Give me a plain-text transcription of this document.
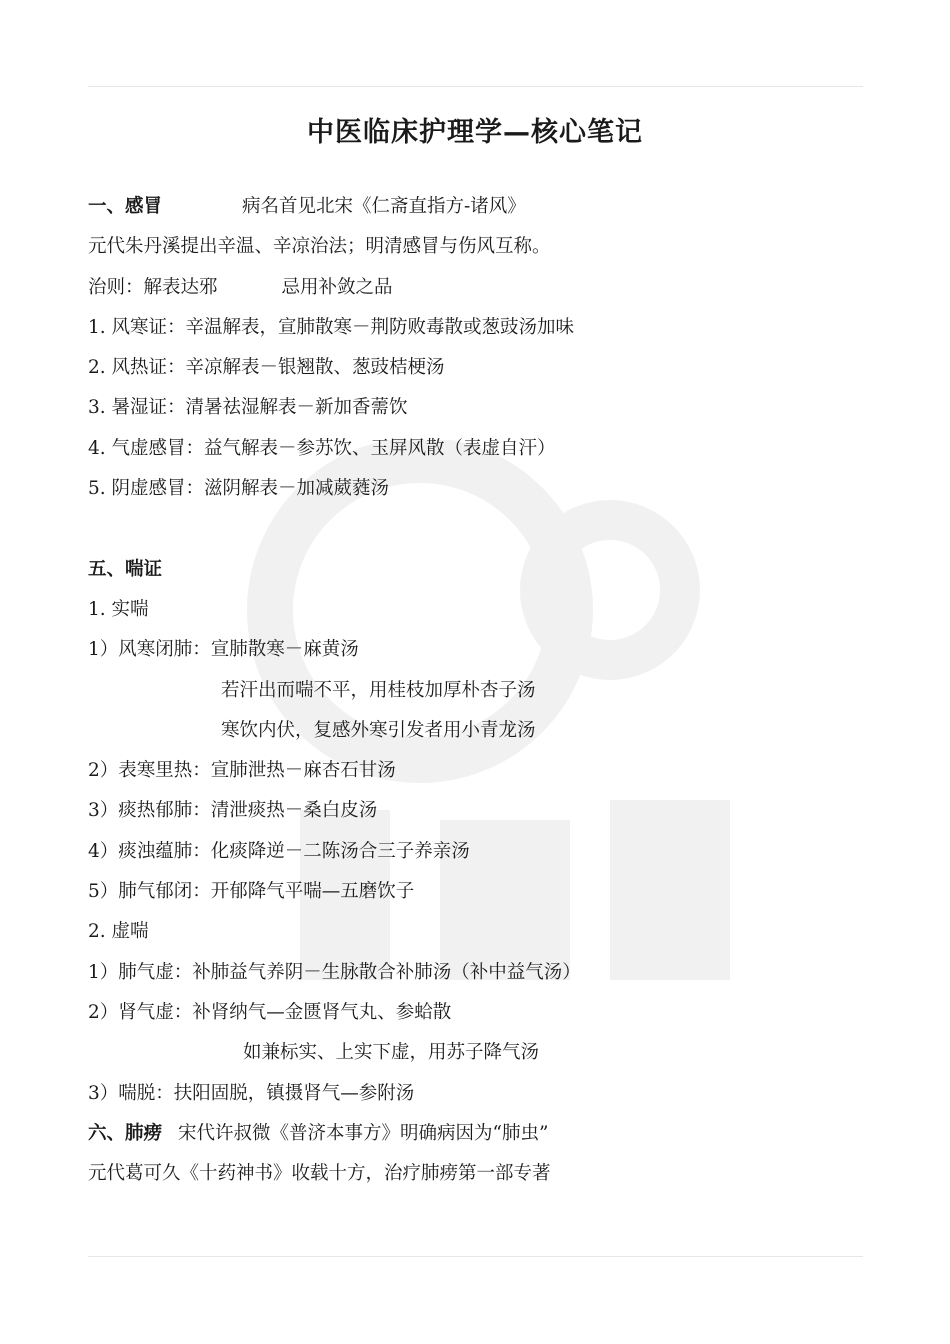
中医临床护理学—核心笔记
一、感冒	病名首见北宋《仁斋直指方-诸风》
元代朱丹溪提出辛温、辛凉治法；明清感冒与伤风互称。
治则：解表达邪	忌用补敛之品
1. 风寒证：辛温解表，宣肺散寒－荆防败毒散或葱豉汤加味
2. 风热证：辛凉解表－银翘散、葱豉桔梗汤
3. 暑湿证：清暑祛湿解表－新加香薷饮
4. 气虚感冒：益气解表－参苏饮、玉屏风散（表虚自汗）
5. 阴虚感冒：滋阴解表－加减葳蕤汤
五、喘证
1. 实喘
1）风寒闭肺：宣肺散寒－麻黄汤
若汗出而喘不平，用桂枝加厚朴杏子汤
寒饮内伏，复感外寒引发者用小青龙汤
2）表寒里热：宣肺泄热－麻杏石甘汤
3）痰热郁肺：清泄痰热－桑白皮汤
4）痰浊蕴肺：化痰降逆－二陈汤合三子养亲汤
5）肺气郁闭：开郁降气平喘—五磨饮子
2. 虚喘
1）肺气虚：补肺益气养阴－生脉散合补肺汤（补中益气汤）
2）肾气虚：补肾纳气—金匮肾气丸、参蛤散
如兼标实、上实下虚，用苏子降气汤
3）喘脱：扶阳固脱，镇摄肾气—参附汤
六、肺痨 宋代许叔微《普济本事方》明确病因为“肺虫”
元代葛可久《十药神书》收载十方，治疗肺痨第一部专著
